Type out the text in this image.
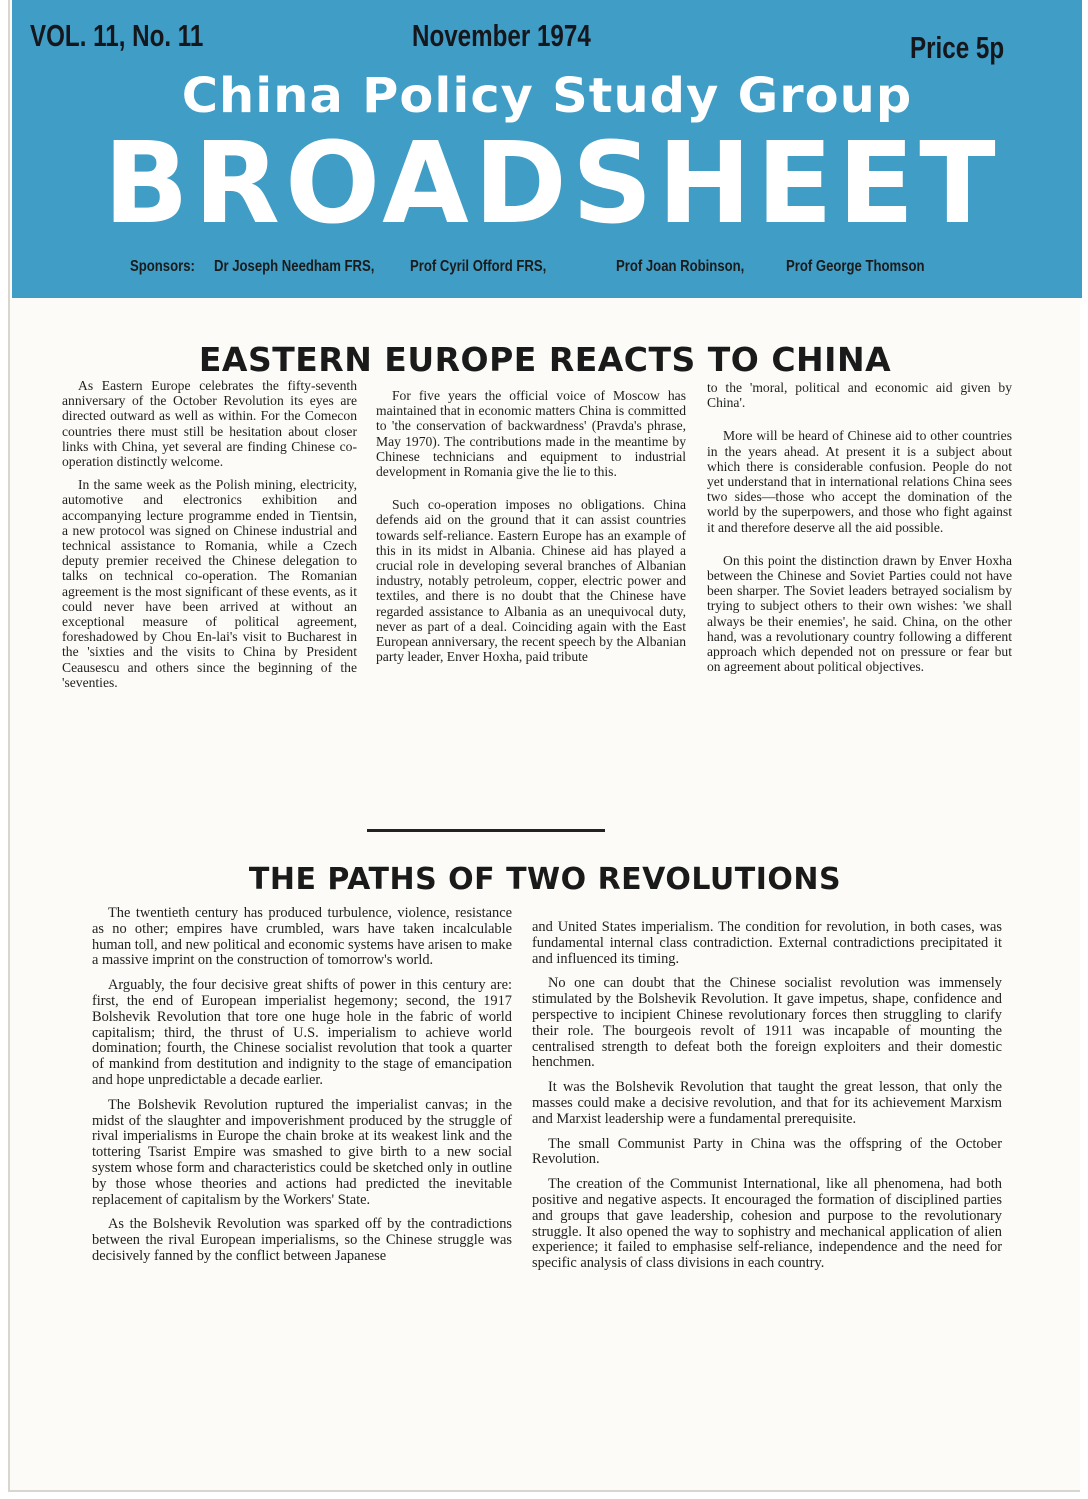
VOL. 11, No. 11	November 1974	Price 5p
China Policy Study Group
BROADSHEET
Sponsors: Dr Joseph Needham FRS, Prof Cyril Offord FRS,	Prof Joan Robinson,	Prof George Thomson
EASTERN EUROPE REACTS TO CHINA

As Eastern Europe celebrates the fifty-seventh anniversary of the October Revolution its eyes are directed outward as well as within. For the Comecon countries there must still be hesitation about closer links with China, yet several are finding Chinese co-operation distinctly welcome.

In the same week as the Polish mining, electricity, automotive and electronics exhibition and accompanying lecture programme ended in Tientsin, a new protocol was signed on Chinese industrial and technical assistance to Romania, while a Czech deputy premier received the Chinese delegation to talks on technical co-operation. The Romanian agreement is the most significant of these events, as it could never have been arrived at without an exceptional measure of political agreement, foreshadowed by Chou En-lai's visit to Bucharest in the 'sixties and the visits to China by President Ceausescu and others since the beginning of the 'seventies.

For five years the official voice of Moscow has maintained that in economic matters China is committed to 'the conservation of backwardness' (Pravda's phrase, May 1970). The contributions made in the meantime by Chinese technicians and equipment to industrial development in Romania give the lie to this.

Such co-operation imposes no obligations. China defends aid on the ground that it can assist countries towards self-reliance. Eastern Europe has an example of this in its midst in Albania. Chinese aid has played a crucial role in developing several branches of Albanian industry, notably petroleum, copper, electric power and textiles, and there is no doubt that the Chinese have regarded assistance to Albania as an unequivocal duty, never as part of a deal. Coinciding again with the East European anniversary, the recent speech by the Albanian party leader, Enver Hoxha, paid tribute

to the 'moral, political and economic aid given by China'.

More will be heard of Chinese aid to other countries in the years ahead. At present it is a subject about which there is considerable confusion. People do not yet understand that in international relations China sees two sides—those who accept the domination of the world by the superpowers, and those who fight against it and therefore deserve all the aid possible.

On this point the distinction drawn by Enver Hoxha between the Chinese and Soviet Parties could not have been sharper. The Soviet leaders betrayed socialism by trying to subject others to their own wishes: 'we shall always be their enemies', he said. China, on the other hand, was a revolutionary country following a different approach which depended not on pressure or fear but on agreement about political objectives.

THE PATHS OF TWO REVOLUTIONS

The twentieth century has produced turbulence, violence, resistance as no other; empires have crumbled, wars have taken incalculable human toll, and new political and economic systems have arisen to make a massive imprint on the construction of tomorrow's world.

Arguably, the four decisive great shifts of power in this century are: first, the end of European imperialist hegemony; second, the 1917 Bolshevik Revolution that tore one huge hole in the fabric of world capitalism; third, the thrust of U.S. imperialism to achieve world domination; fourth, the Chinese socialist revolution that took a quarter of mankind from destitution and indignity to the stage of emancipation and hope unpredictable a decade earlier.

The Bolshevik Revolution ruptured the imperialist canvas; in the midst of the slaughter and impoverishment produced by the struggle of rival imperialisms in Europe the chain broke at its weakest link and the tottering Tsarist Empire was smashed to give birth to a new social system whose form and characteristics could be sketched only in outline by those whose theories and actions had predicted the inevitable replacement of capitalism by the Workers' State.

As the Bolshevik Revolution was sparked off by the contradictions between the rival European imperialisms, so the Chinese struggle was decisively fanned by the conflict between Japanese

and United States imperialism. The condition for revolution, in both cases, was fundamental internal class contradiction. External contradictions precipitated it and influenced its timing.

No one can doubt that the Chinese socialist revolution was immensely stimulated by the Bolshevik Revolution. It gave impetus, shape, confidence and perspective to incipient Chinese revolutionary forces then struggling to clarify their role. The bourgeois revolt of 1911 was incapable of mounting the centralised strength to defeat both the foreign exploiters and their domestic henchmen.

It was the Bolshevik Revolution that taught the great lesson, that only the masses could make a decisive revolution, and that for its achievement Marxism and Marxist leadership were a fundamental prerequisite.

The small Communist Party in China was the offspring of the October Revolution.

The creation of the Communist International, like all phenomena, had both positive and negative aspects. It encouraged the formation of disciplined parties and groups that gave leadership, cohesion and purpose to the revolutionary struggle. It also opened the way to sophistry and mechanical application of alien experience; it failed to emphasise self-reliance, independence and the need for specific analysis of class divisions in each country.
